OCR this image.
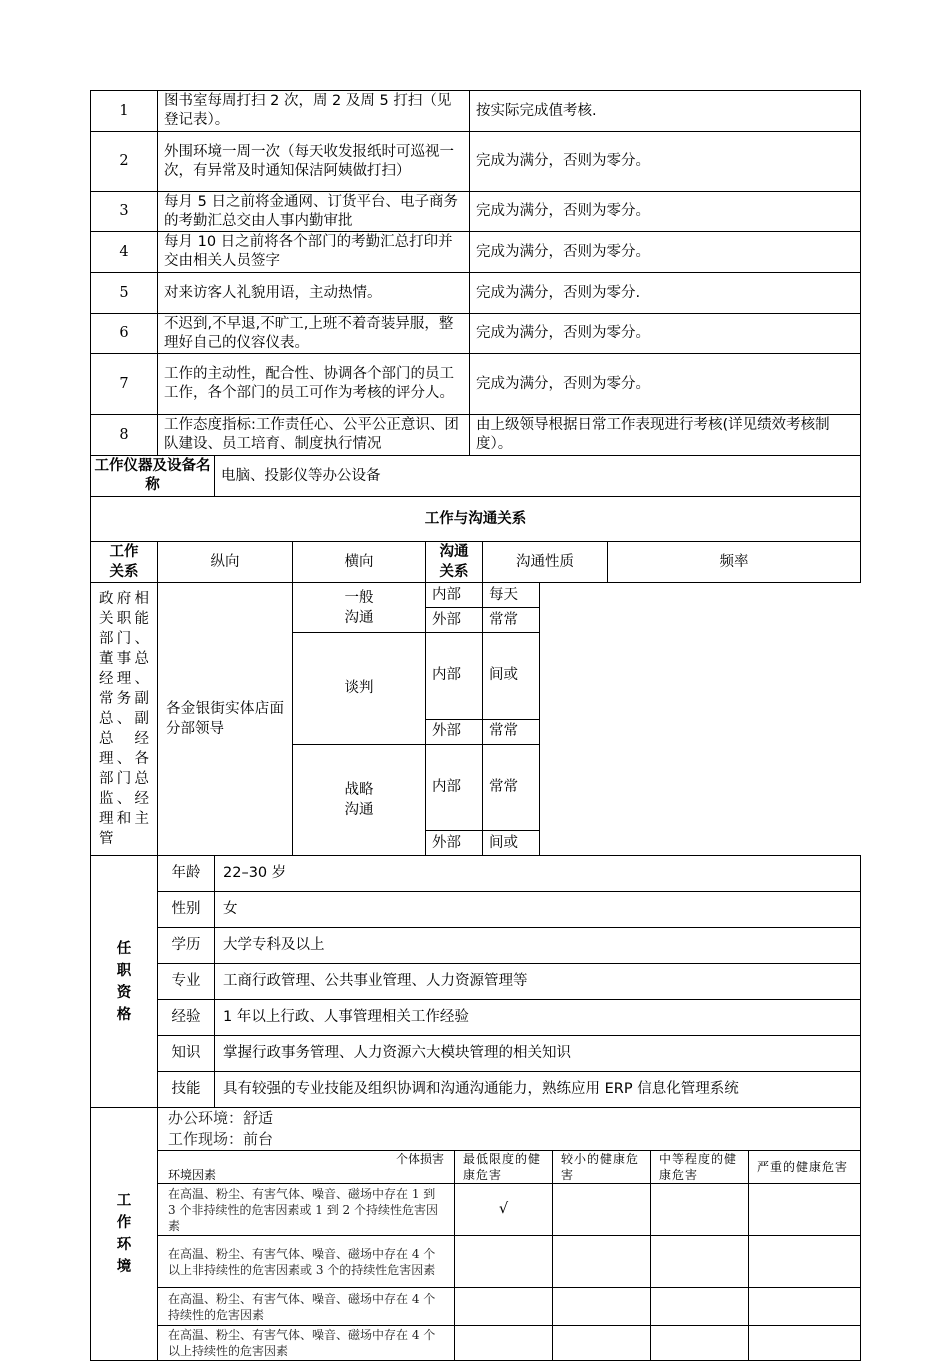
1	图书室每周打扫 2 次，周 2 及周 5 打扫（见登记表）。		按实际完成值考核.
2	外围环境一周一次（每天收发报纸时可巡视一次，有异常及时通知保洁阿姨做打扫）		完成为满分，否则为零分。
3	每月 5 日之前将金通网、订货平台、电子商务的考勤汇总交由人事内勤审批		完成为满分，否则为零分。
4	每月 10 日之前将各个部门的考勤汇总打印并交由相关人员签字		完成为满分，否则为零分。
5	对来访客人礼貌用语，主动热情。		完成为满分，否则为零分.
6	不迟到,不早退,不旷工,上班不着奇装异服，整理好自己的仪容仪表。		完成为满分，否则为零分。
7	工作的主动性，配合性、协调各个部门的员工工作，各个部门的员工可作为考核的评分人。		完成为满分，否则为零分。
8	工作态度指标:工作责任心、公平公正意识、团队建设、员工培育、制度执行情况		由上级领导根据日常工作表现进行考核(详见绩效考核制度）。
工作仪器及设备名称		电脑、投影仪等办公设备	
工作与沟通关系					

工作关系	纵向	横向	沟通关系	沟通性质	频率
政府相关职能部门、董事总经理、常务副总、副总经理、各部门总监、经理和主管	各金银街实体店面分部领导	一般沟通	内部	每天	
			外部	常常	

		谈判	内部	间或	
			外部	常常	

		战略沟通	内部	常常	
			外部	间或	
任职资格	年龄	22–30 岁
	性别	女
	学历	大学专科及以上
	专业	工商行政管理、公共事业管理、人力资源管理等
	经验	1 年以上行政、人事管理相关工作经验
	知识	掌握行政事务管理、人力资源六大模块管理的相关知识
	技能	具有较强的专业技能及组织协调和沟通沟通能力，熟练应用 ERP 信息化管理系统
工作环境	办公环境：舒适
工作现场：前台				

	个体损害
环境因素	最低限度的健康危害	较小的健康危害	中等程度的健康危害	严重的健康危害
	在高温、粉尘、有害气体、噪音、磁场中存在 1 到 3 个非持续性的危害因素或 1 到 2 个持续性危害因素	√			
	在高温、粉尘、有害气体、噪音、磁场中存在 4 个以上非持续性的危害因素或 3 个的持续性危害因素				
	在高温、粉尘、有害气体、噪音、磁场中存在 4 个持续性的危害因素				
	在高温、粉尘、有害气体、噪音、磁场中存在 4 个以上持续性的危害因素				
